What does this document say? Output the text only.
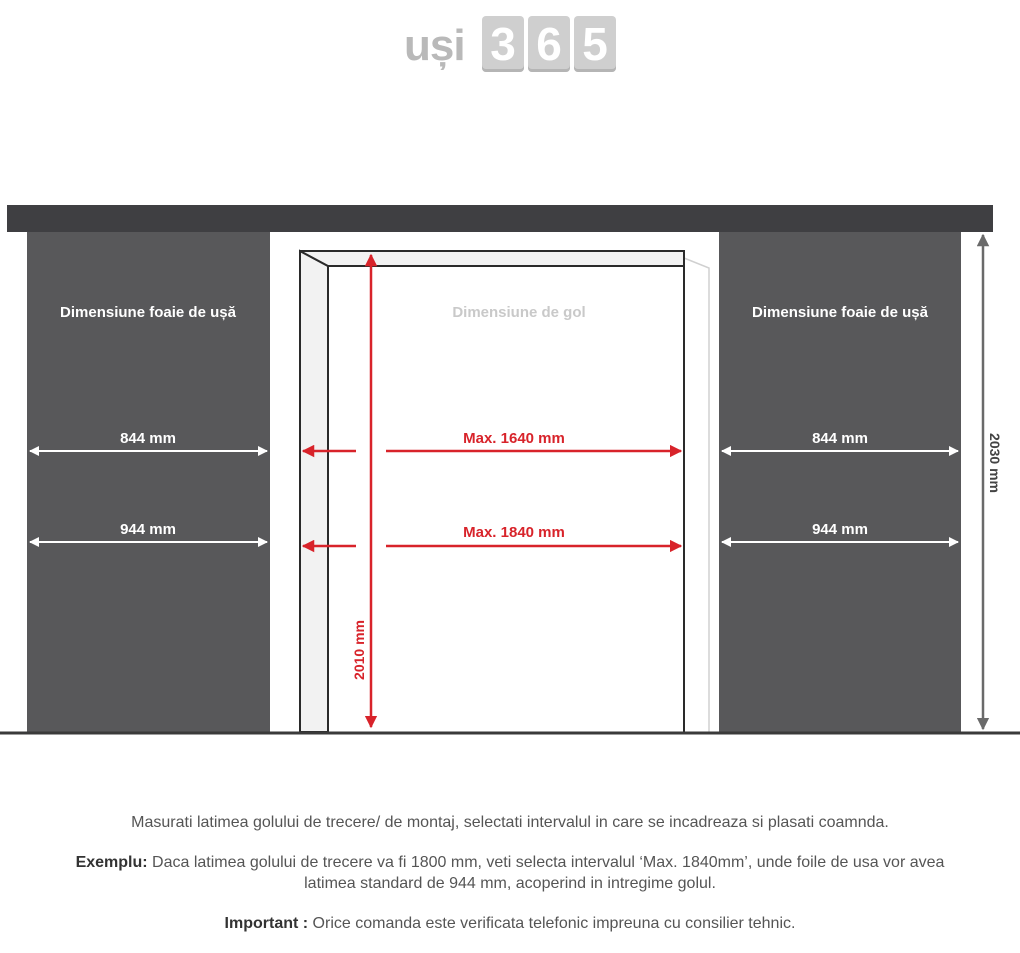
uși 3 6 5
Dimensiune foaie de ușă
844 mm
944 mm
Dimensiune foaie de ușă
844 mm
944 mm
Dimensiune de gol
2010 mm
Max. 1640 mm
Max. 1840 mm
2030 mm

Masurati latimea golului de trecere/ de montaj, selectati intervalul in care se incadreaza si plasati coamnda.

Exemplu: Daca latimea golului de trecere va fi 1800 mm, veti selecta intervalul ‘Max. 1840mm’, unde foile de usa vor avea latimea standard de 944 mm, acoperind in intregime golul.

Important : Orice comanda este verificata telefonic impreuna cu consilier tehnic.
